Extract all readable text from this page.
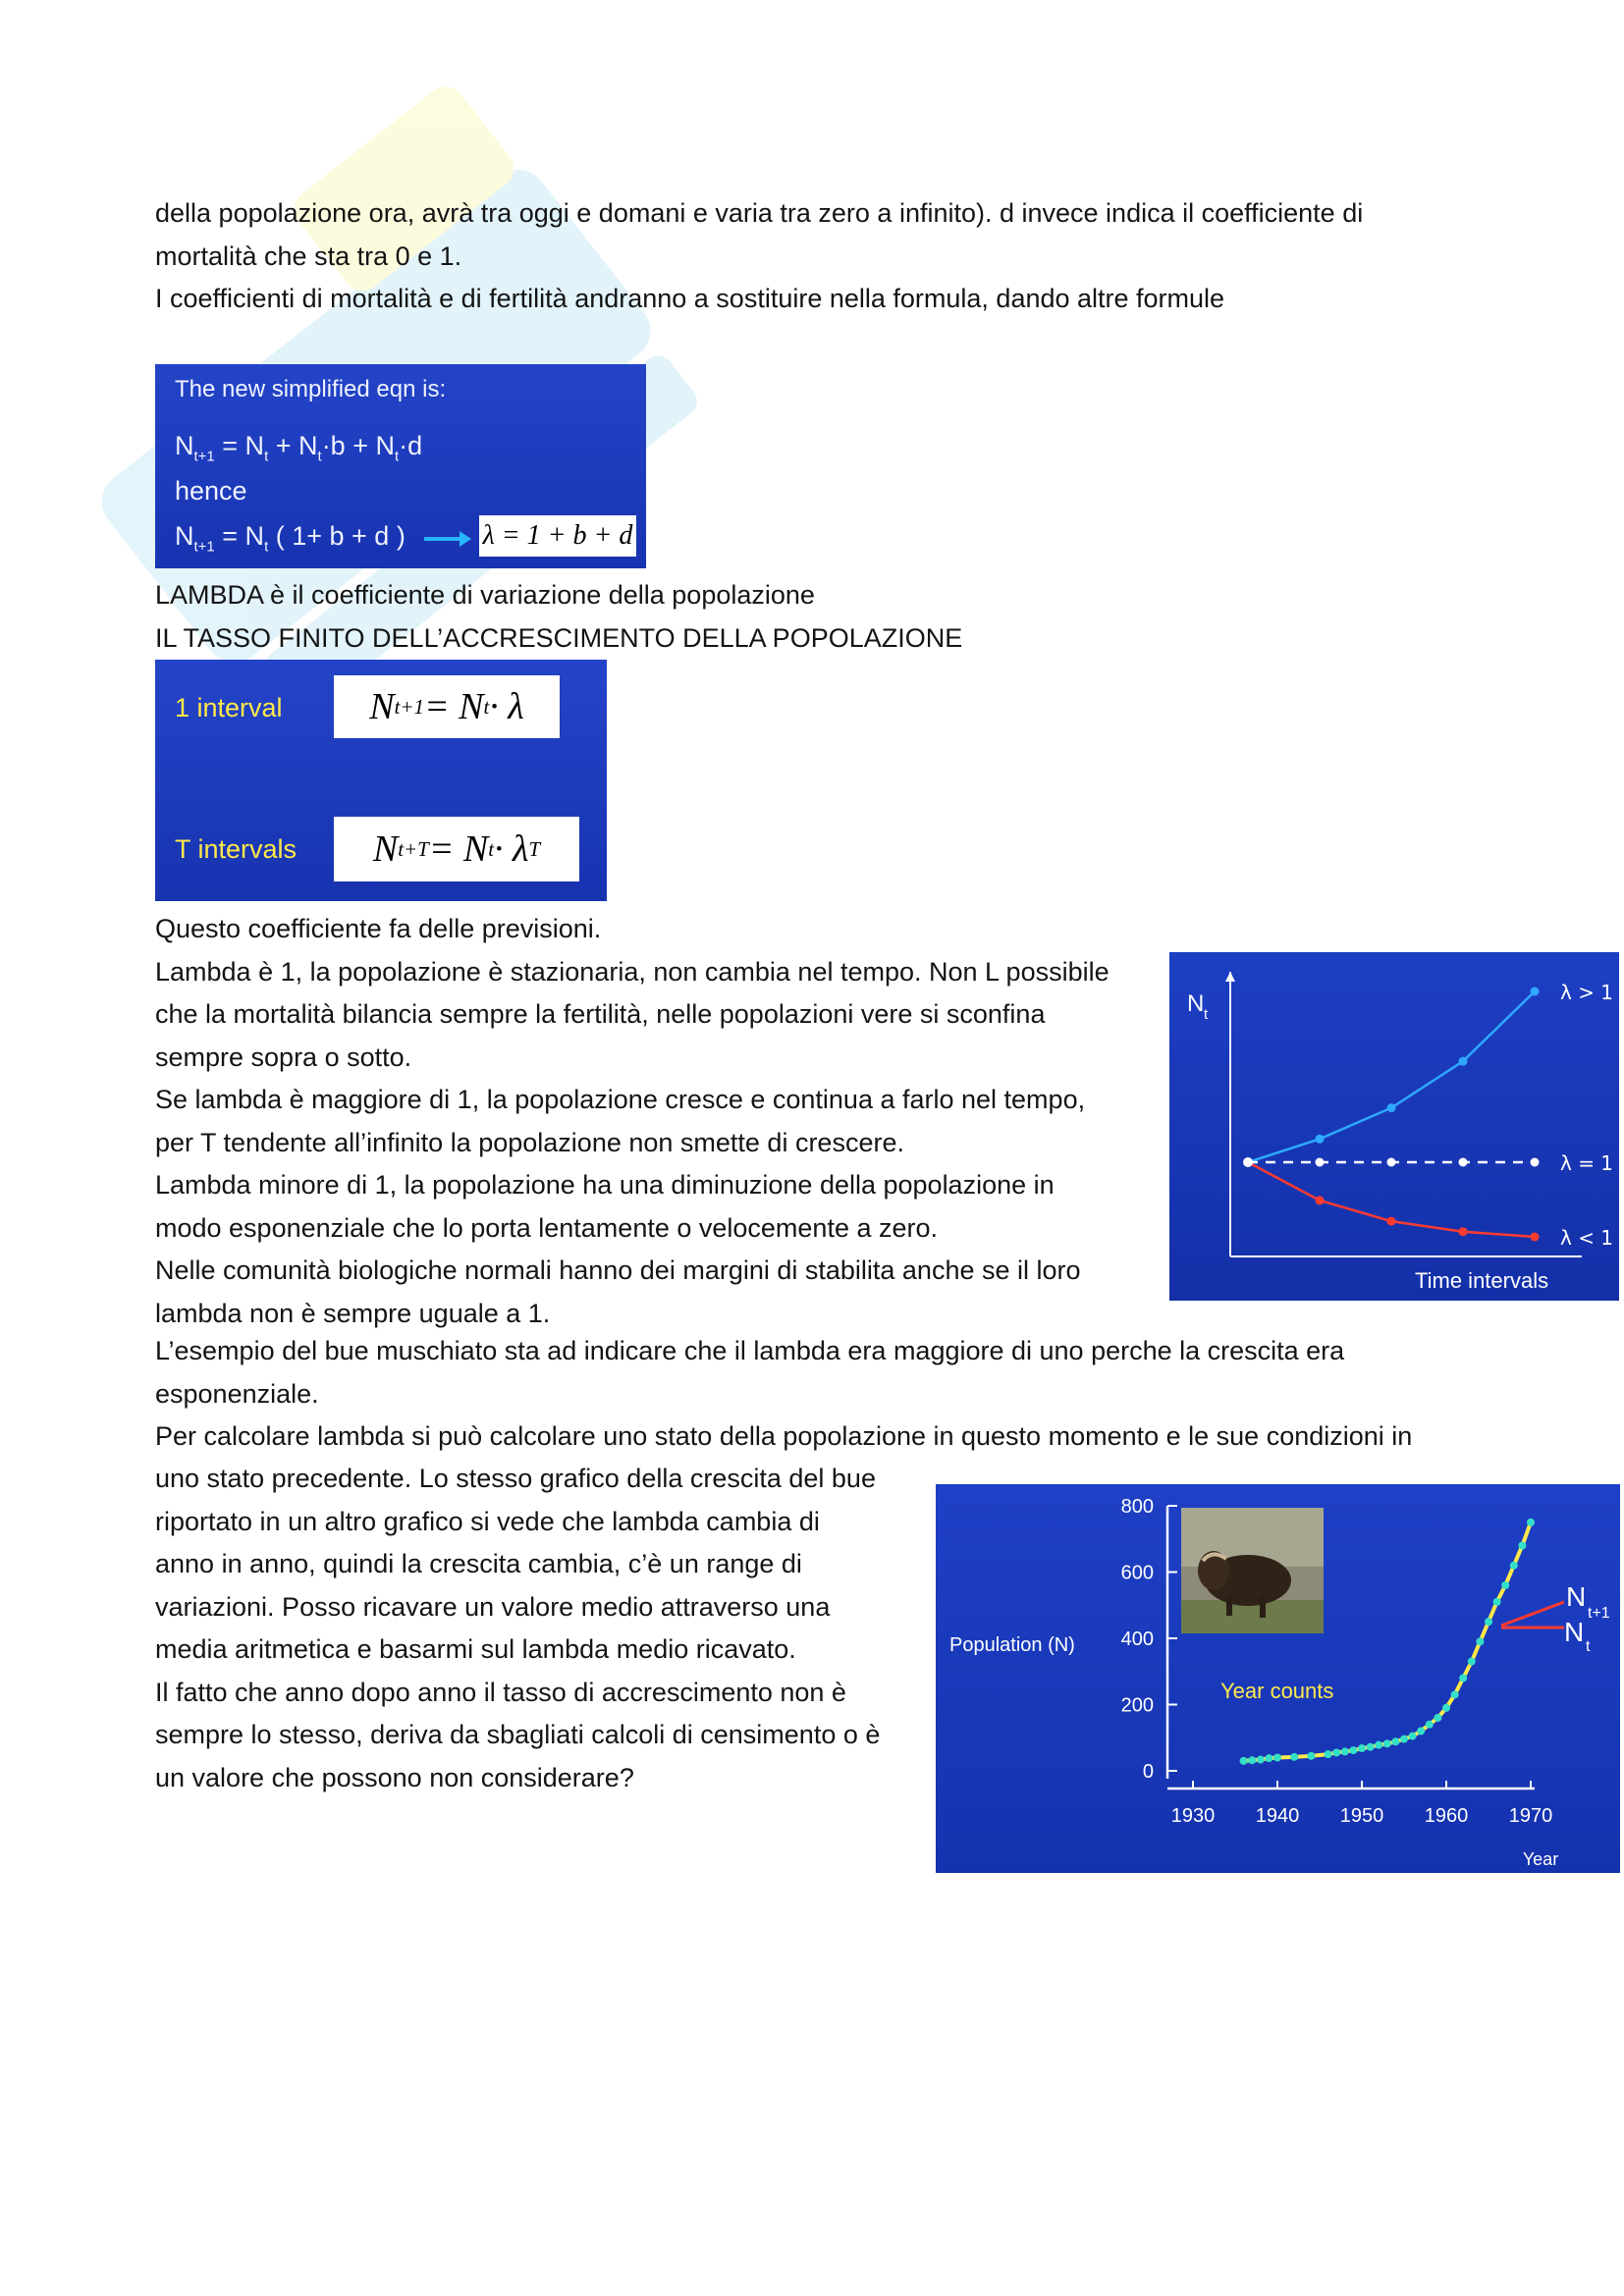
della popolazione ora, avrà tra oggi e domani e varia tra zero a infinito). d invece indica il coefficiente di

mortalità che sta tra 0 e 1.

I coefficienti di mortalità e di fertilità andranno a sostituire nella formula, dando altre formule

The new simplified eqn is:
$N_{t+1} = N_t + N_t\cdot b + N_t\cdot d$
hence
$N_{t+1} = N_t$ ( 1+ b + d )	λ = 1 + b + d

LAMBDA è il coefficiente di variazione della popolazione

IL TASSO FINITO DELL’ACCRESCIMENTO DELLA POPOLAZIONE

1 interval N t+1 = N t · λ
T intervals N t+T = N t · λ T

Questo coefficiente fa delle previsioni.

Lambda è 1, la popolazione è stazionaria, non cambia nel tempo. Non L possibile

che la mortalità bilancia sempre la fertilità, nelle popolazioni vere si sconfina

sempre sopra o sotto.

Se lambda è maggiore di 1, la popolazione cresce e continua a farlo nel tempo,

per T tendente all’infinito la popolazione non smette di crescere.

Lambda minore di 1, la popolazione ha una diminuzione della popolazione in

modo esponenziale che lo porta lentamente o velocemente a zero.

Nelle comunità biologiche normali hanno dei margini di stabilita anche se il loro

lambda non è sempre uguale a 1.

N t
Time intervals
λ > 1
λ = 1
λ < 1

L’esempio del bue muschiato sta ad indicare che il lambda era maggiore di uno perche la crescita era

esponenziale.

Per calcolare lambda si può calcolare uno stato della popolazione in questo momento e le sue condizioni in

uno stato precedente. Lo stesso grafico della crescita del bue

riportato in un altro grafico si vede che lambda cambia di

anno in anno, quindi la crescita cambia, c’è un range di

variazioni. Posso ricavare un valore medio attraverso una

media aritmetica e basarmi sul lambda medio ricavato.

Il fatto che anno dopo anno il tasso di accrescimento non è

sempre lo stesso, deriva da sbagliati calcoli di censimento o è

un valore che possono non considerare?	0
200
400
600
800
1930 1940 1950 1960 1970
Year
Population (N)
Year counts
N
t+1
N t
